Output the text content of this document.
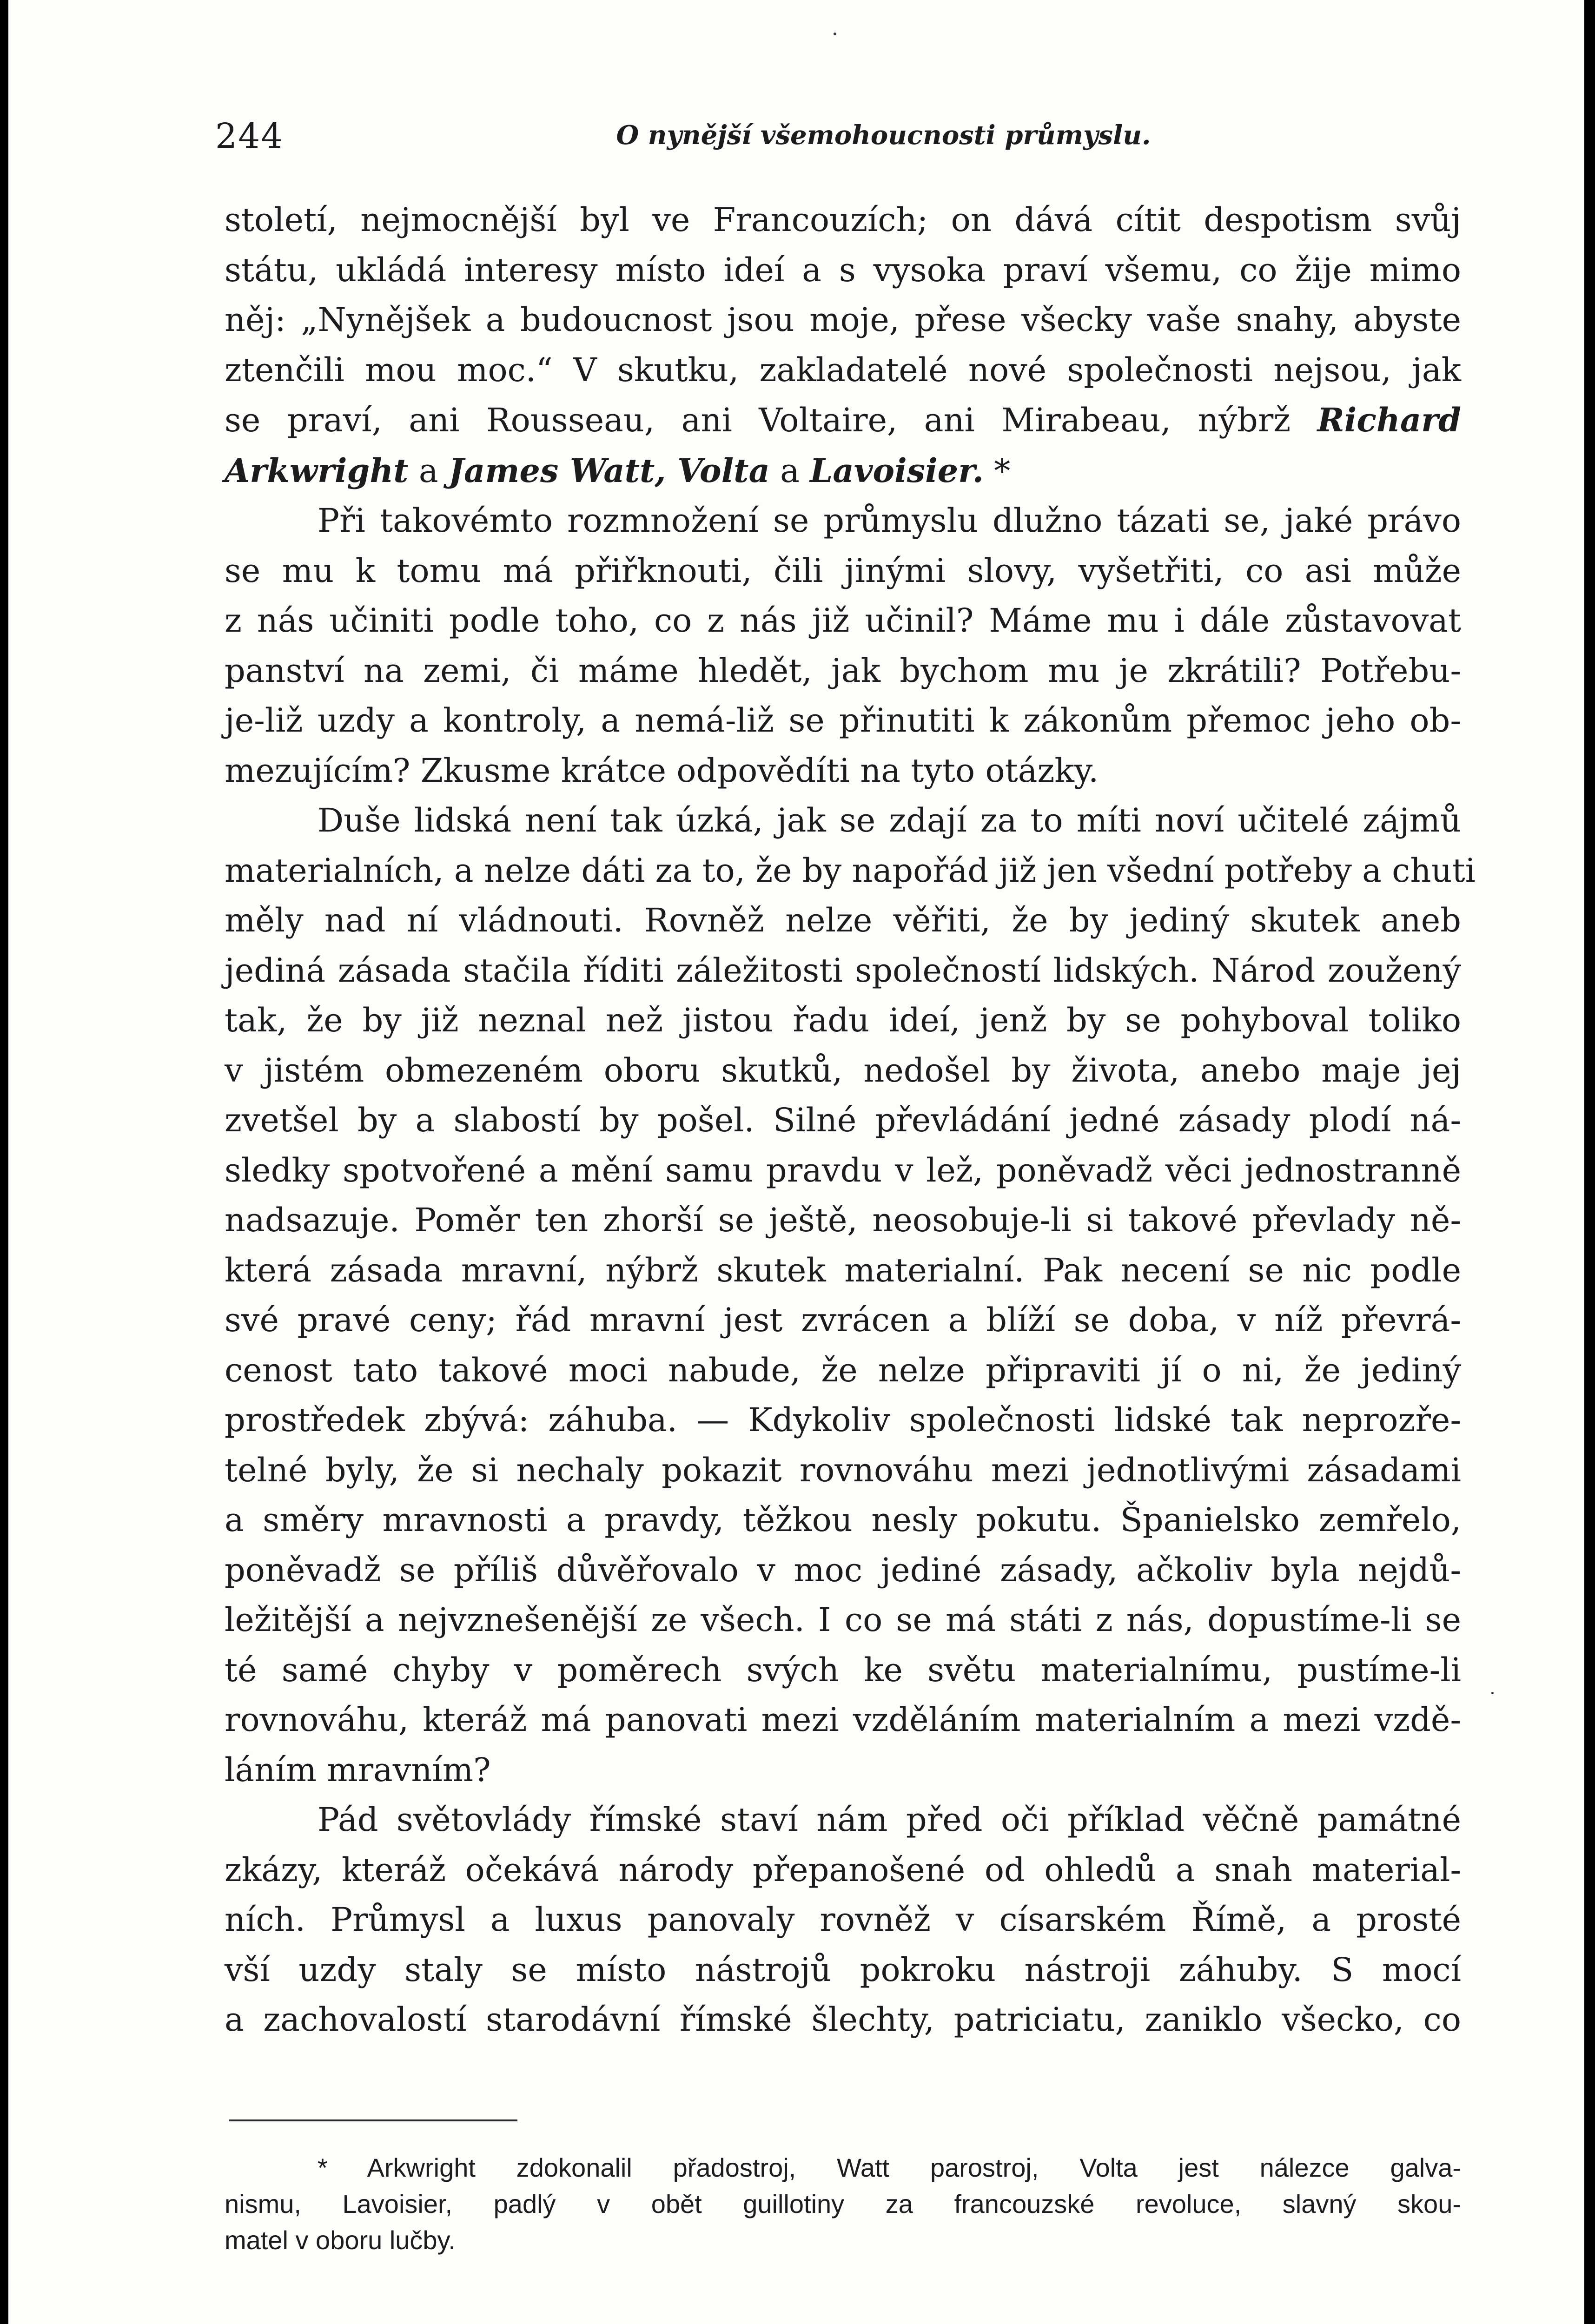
244	O nynější všemohoucnosti průmyslu.
století, nejmocnější byl ve Francouzích; on dává cítit despotism svůj
státu, ukládá interesy místo ideí a s vysoka praví všemu, co žije mimo
něj: „Nynějšek a budoucnost jsou moje, přese všecky vaše snahy, abyste
ztenčili mou moc.“ V skutku, zakladatelé nové společnosti nejsou, jak
se praví, ani Rousseau, ani Voltaire, ani Mirabeau, nýbrž Richard
Arkwright a James Watt, Volta a Lavoisier. *
Při takovémto rozmnožení se průmyslu dlužno tázati se, jaké právo
se mu k tomu má přiřknouti, čili jinými slovy, vyšetřiti, co asi může
z nás učiniti podle toho, co z nás již učinil? Máme mu i dále zůstavovat
panství na zemi, či máme hledět, jak bychom mu je zkrátili? Potřebu-
je-liž uzdy a kontroly, a nemá-liž se přinutiti k zákonům přemoc jeho ob-
mezujícím? Zkusme krátce odpovědíti na tyto otázky.
Duše lidská není tak úzká, jak se zdají za to míti noví učitelé zájmů
materialních, a nelze dáti za to, že by napořád již jen všední potřeby a chuti
měly nad ní vládnouti. Rovněž nelze věřiti, že by jediný skutek aneb
jediná zásada stačila říditi záležitosti společností lidských. Národ zoužený
tak, že by již neznal než jistou řadu ideí, jenž by se pohyboval toliko
v jistém obmezeném oboru skutků, nedošel by života, anebo maje jej
zvetšel by a slabostí by pošel. Silné převládání jedné zásady plodí ná-
sledky spotvořené a mění samu pravdu v lež, poněvadž věci jednostranně
nadsazuje. Poměr ten zhorší se ještě, neosobuje-li si takové převlady ně-
která zásada mravní, nýbrž skutek materialní. Pak necení se nic podle
své pravé ceny; řád mravní jest zvrácen a blíží se doba, v níž převrá-
cenost tato takové moci nabude, že nelze připraviti jí o ni, že jediný
prostředek zbývá: záhuba. — Kdykoliv společnosti lidské tak neprozře-
telné byly, že si nechaly pokazit rovnováhu mezi jednotlivými zásadami
a směry mravnosti a pravdy, těžkou nesly pokutu. Španielsko zemřelo,
poněvadž se příliš důvěřovalo v moc jediné zásady, ačkoliv byla nejdů-
ležitější a nejvznešenější ze všech. I co se má státi z nás, dopustíme-li se
té samé chyby v poměrech svých ke světu materialnímu, pustíme-li
rovnováhu, kteráž má panovati mezi vzděláním materialním a mezi vzdě-
láním mravním?
Pád světovlády římské staví nám před oči příklad věčně památné
zkázy, kteráž očekává národy přepanošené od ohledů a snah material-
ních. Průmysl a luxus panovaly rovněž v císarském Římě, a prosté
vší uzdy staly se místo nástrojů pokroku nástroji záhuby. S mocí
a zachovalostí starodávní římské šlechty, patriciatu, zaniklo všecko, co
* Arkwright zdokonalil přadostroj, Watt parostroj, Volta jest nálezce galva-
nismu, Lavoisier, padlý v obět guillotiny za francouzské revoluce, slavný skou-
matel v oboru lučby.
